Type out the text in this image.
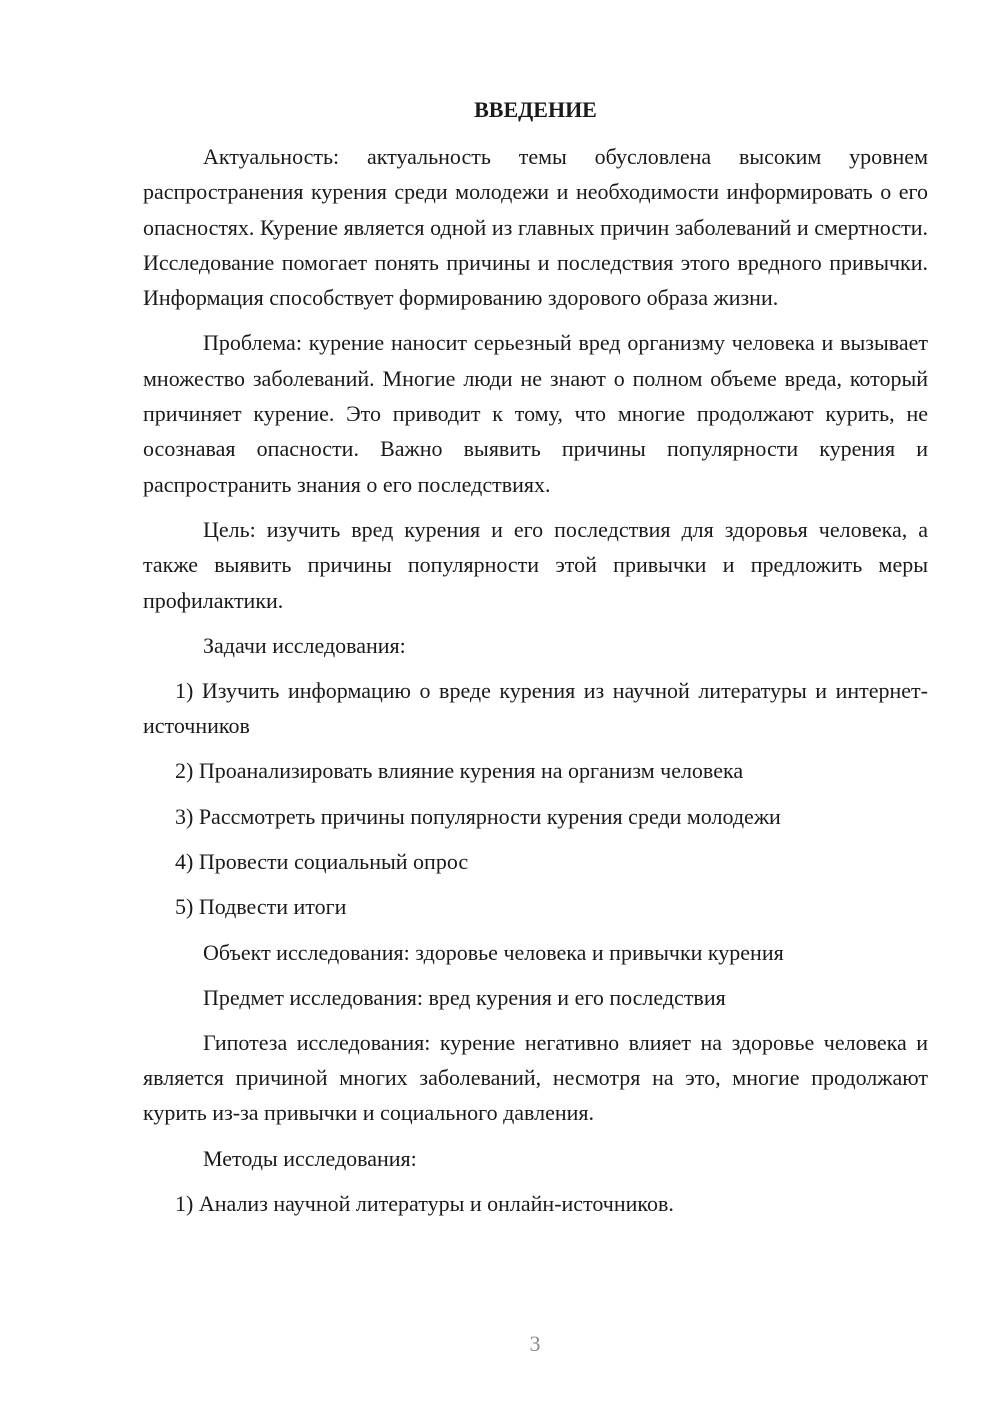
ВВЕДЕНИЕ

Актуальность: актуальность темы обусловлена высоким уровнем распространения курения среди молодежи и необходимости информировать о его опасностях. Курение является одной из главных причин заболеваний и смертности. Исследование помогает понять причины и последствия этого вредного привычки. Информация способствует формированию здорового образа жизни.

Проблема: курение наносит серьезный вред организму человека и вызывает множество заболеваний. Многие люди не знают о полном объеме вреда, который причиняет курение. Это приводит к тому, что многие продолжают курить, не осознавая опасности. Важно выявить причины популярности курения и распространить знания о его последствиях.

Цель: изучить вред курения и его последствия для здоровья человека, а также выявить причины популярности этой привычки и предложить меры профилактики.

Задачи исследования:

1) Изучить информацию о вреде курения из научной литературы и интернет-источников

2) Проанализировать влияние курения на организм человека

3) Рассмотреть причины популярности курения среди молодежи

4) Провести социальный опрос

5) Подвести итоги

Объект исследования: здоровье человека и привычки курения

Предмет исследования: вред курения и его последствия

Гипотеза исследования: курение негативно влияет на здоровье человека и является причиной многих заболеваний, несмотря на это, многие продолжают курить из-за привычки и социального давления.

Методы исследования:

1) Анализ научной литературы и онлайн-источников.

3
